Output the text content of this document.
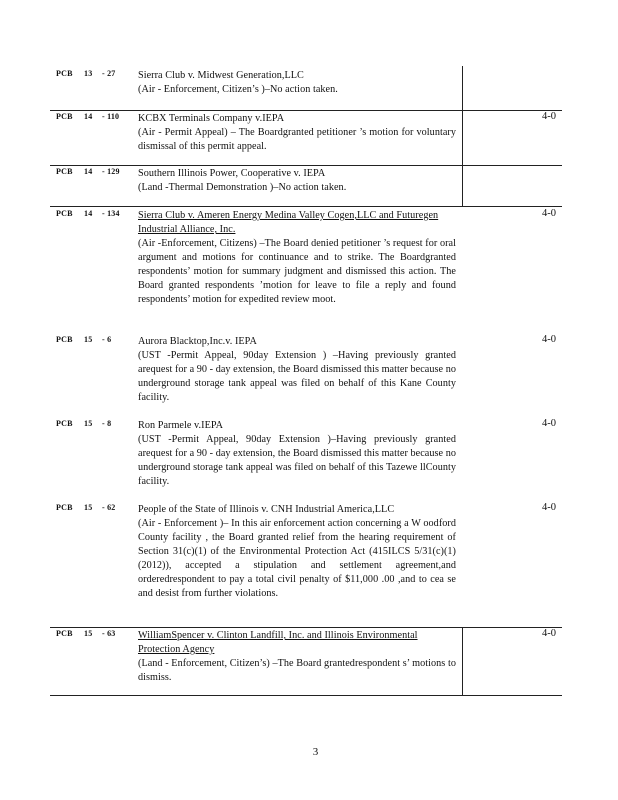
PCB 13 - 27 Sierra Club v. Midwest Generation,LLC
(Air - Enforcement, Citizen’s )–No action taken.
PCB 14 - 110 KCBX Terminals Company v.IEPA
(Air - Permit Appeal) – The Boardgranted petitioner ’s motion for voluntary dismissal of this permit appeal.
4-0
PCB 14 - 129 Southern Illinois Power, Cooperative v. IEPA
(Land -Thermal Demonstration )–No action taken.
PCB 14 - 134 Sierra Club v. Ameren Energy Medina Valley Cogen,LLC and Futuregen Industrial Alliance, Inc.
(Air -Enforcement, Citizens) –The Board denied petitioner ’s request for oral argument and motions for continuance and to strike. The Boardgranted respondents’ motion for summary judgment and dismissed this action. The Board granted respondents ’motion for leave to file a reply and found respondents’ motion for expedited review moot.
4-0
PCB 15 - 6	Aurora Blacktop,Inc.v. IEPA
(UST -Permit Appeal, 90day Extension ) –Having previously granted arequest for a 90 - day extension, the Board dismissed this matter because no underground storage tank appeal was filed on behalf of this Kane County facility.
4-0
PCB 15 - 8	Ron Parmele v.IEPA
(UST -Permit Appeal, 90day Extension )–Having previously granted arequest for a 90 - day extension, the Board dismissed this matter because no underground storage tank appeal was filed on behalf of this Tazewe llCounty facility.
4-0
PCB 15 - 62 People of the State of Illinois v. CNH Industrial America,LLC
(Air - Enforcement )– In this air enforcement action concerning a W oodford County facility , the Board granted relief from the hearing requirement of Section 31(c)(1) of the Environmental Protection Act (415ILCS 5/31(c)(1) (2012)), accepted a stipulation and settlement agreement,and orderedrespondent to pay a total civil penalty of $11,000 .00 ,and to cea se and desist from further violations.
4-0
PCB 15 - 63 WilliamSpencer v. Clinton Landfill, Inc. and Illinois Environmental Protection Agency
(Land - Enforcement, Citizen’s) –The Board grantedrespondent s’ motions to dismiss.
4-0
3
